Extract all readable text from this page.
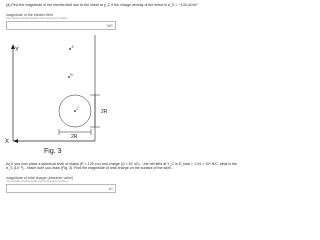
(a) Find the magnitude of the electric field due to the sheet at y_C if the charge density of the sheet is σ_S = −135 µC/m²
magnitude of the electric field
Your answer should include units (not a pure number)
N/C
Y
X
A
B
C	2R
2R
Fig. 3
(b) If you now place a spherical shell of radius (R = 125 cm) and charge (Q = 67 nC) ...the net field at Y_C is E_total = 1.04 × 10⁴ N/C, what is the
σ_S (10⁻⁹)... Make sure you draw (Fig. 3). Find the magnitude of total charge on the surface of the shell.
magnitude of total charge (absolute value)
Your answer should include units (not a pure number)
nC
